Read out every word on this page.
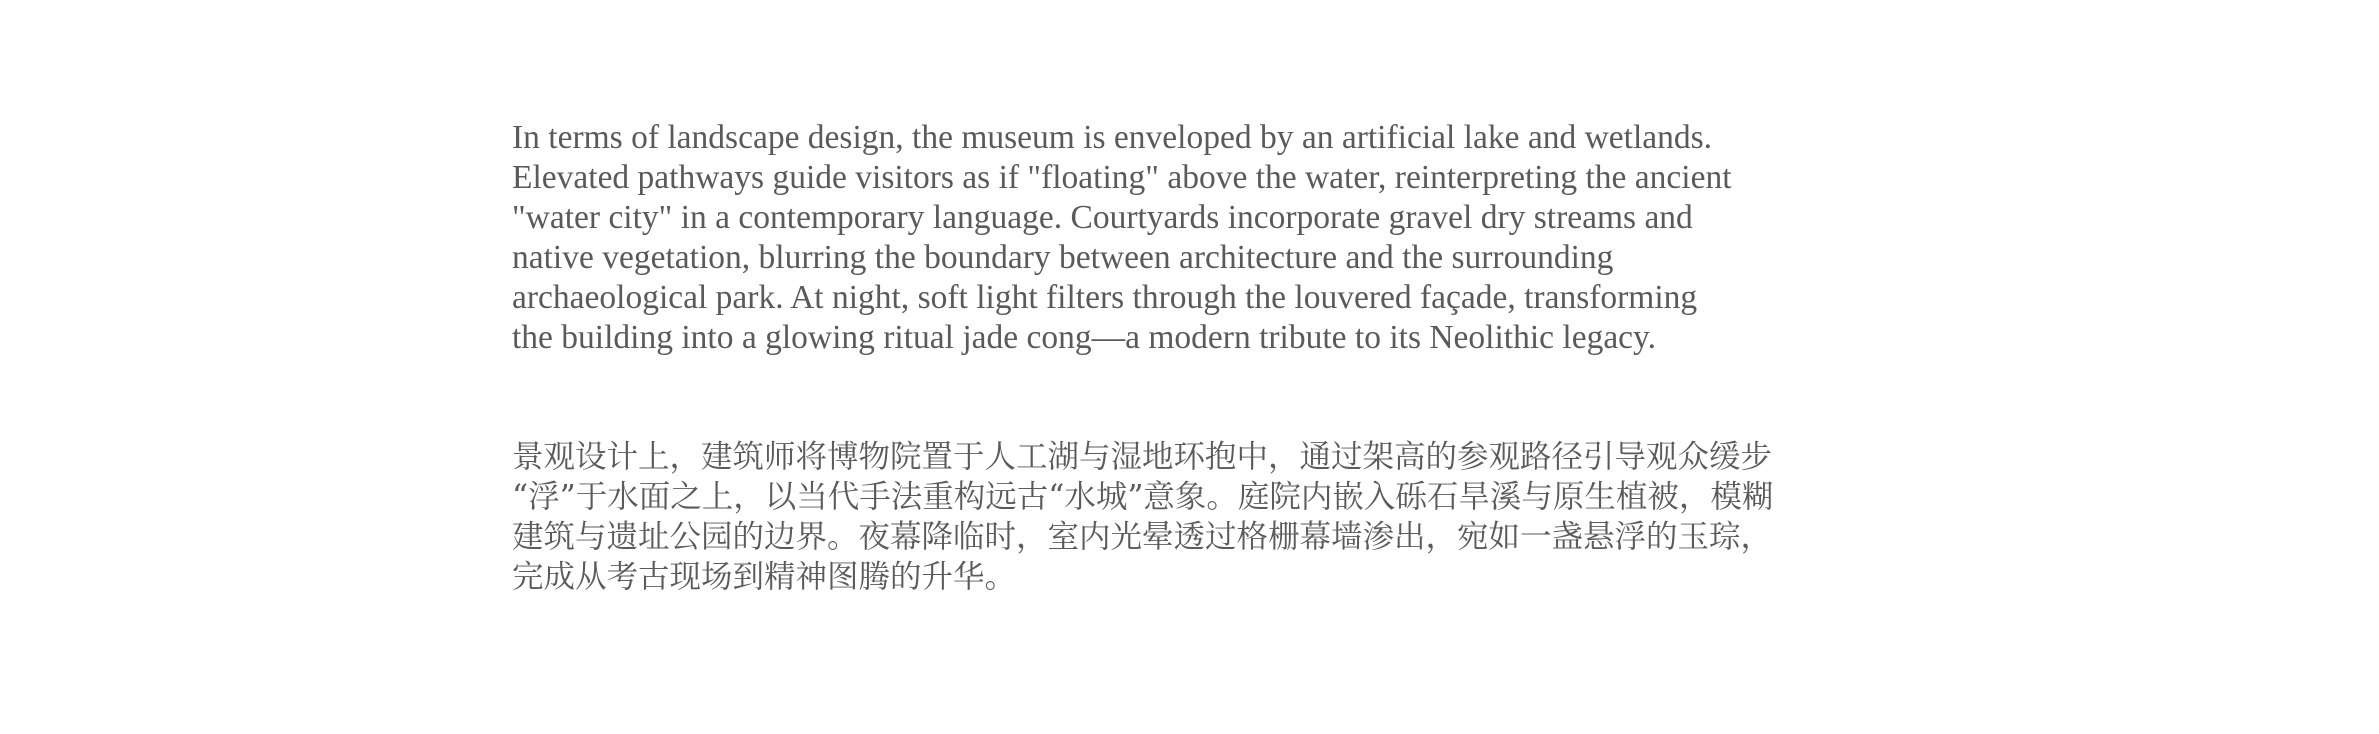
In terms of landscape design, the museum is enveloped by an artificial lake and wetlands.
Elevated pathways guide visitors as if "floating" above the water, reinterpreting the ancient
"water city" in a contemporary language. Courtyards incorporate gravel dry streams and
native vegetation, blurring the boundary between architecture and the surrounding
archaeological park. At night, soft light filters through the louvered façade, transforming
the building into a glowing ritual jade cong—a modern tribute to its Neolithic legacy.
景观设计上，建筑师将博物院置于人工湖与湿地环抱中，通过架高的参观路径引导观众缓步
“浮”于水面之上，以当代手法重构远古“水城”意象。庭院内嵌入砾石旱溪与原生植被，模糊
建筑与遗址公园的边界。夜幕降临时，室内光晕透过格栅幕墙渗出，宛如一盏悬浮的玉琮，
完成从考古现场到精神图腾的升华。
